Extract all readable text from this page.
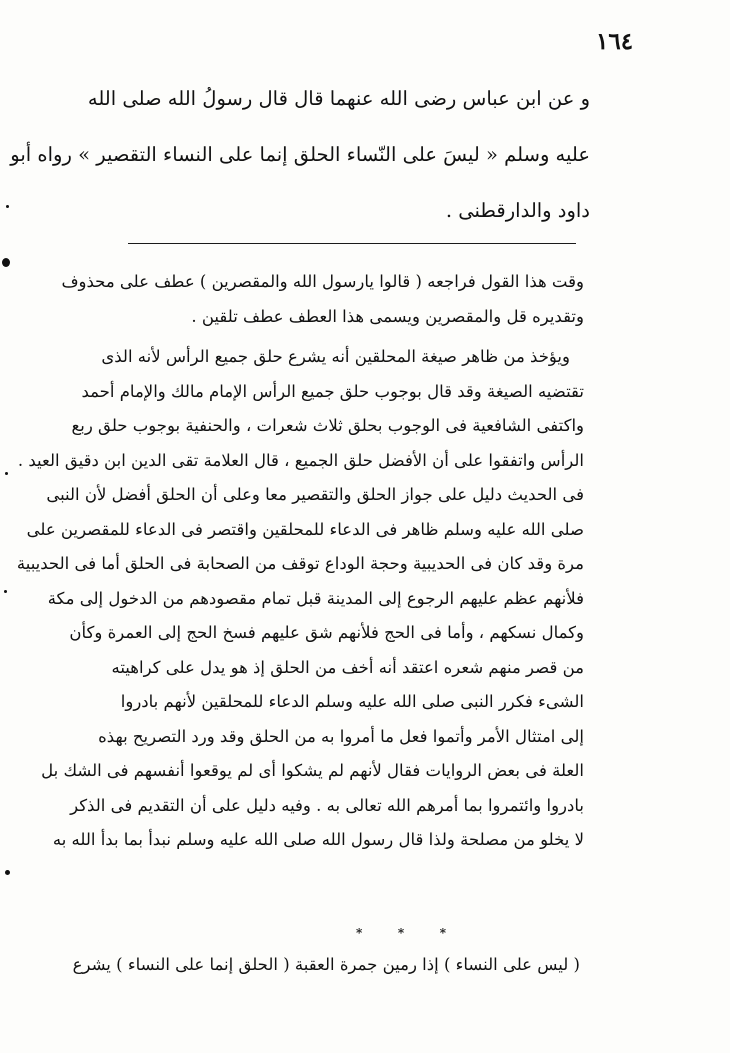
١٦٤
و عن ابن عباس رضى الله عنهما قال قال رسولُ الله صلى الله
عليه وسلم « ليسَ على النّساء الحلق إنما على النساء التقصير » رواه أبو
داود والدارقطنى .
وقت هذا القول فراجعه ( قالوا يارسول الله والمقصرين ) عطف على محذوف
وتقديره قل والمقصرين ويسمى هذا العطف عطف تلقين .
ويؤخذ من ظاهر صيغة المحلقين أنه يشرع حلق جميع الرأس لأنه الذى
تقتضيه الصيغة وقد قال بوجوب حلق جميع الرأس الإمام مالك والإمام أحمد
واكتفى الشافعية فى الوجوب بحلق ثلاث شعرات ، والحنفية بوجوب حلق ربع
الرأس واتفقوا على أن الأفضل حلق الجميع ، قال العلامة تقى الدين ابن دقيق العيد .
فى الحديث دليل على جواز الحلق والتقصير معا وعلى أن الحلق أفضل لأن النبى
صلى الله عليه وسلم ظاهر فى الدعاء للمحلقين واقتصر فى الدعاء للمقصرين على
مرة وقد كان فى الحديبية وحجة الوداع توقف من الصحابة فى الحلق أما فى الحديبية
فلأنهم عظم عليهم الرجوع إلى المدينة قبل تمام مقصودهم من الدخول إلى مكة
وكمال نسكهم ، وأما فى الحج فلأنهم شق عليهم فسخ الحج إلى العمرة وكأن
من قصر منهم شعره اعتقد أنه أخف من الحلق إذ هو يدل على كراهيته
الشىء فكرر النبى صلى الله عليه وسلم الدعاء للمحلقين لأنهم بادروا
إلى امتثال الأمر وأتموا فعل ما أمروا به من الحلق وقد ورد التصريح بهذه
العلة فى بعض الروايات فقال لأنهم لم يشكوا أى لم يوقعوا أنفسهم فى الشك بل
بادروا وائتمروا بما أمرهم الله تعالى به . وفيه دليل على أن التقديم فى الذكر
لا يخلو من مصلحة ولذا قال رسول الله صلى الله عليه وسلم نبدأ بما بدأ الله به
*	*	*
( ليس على النساء ) إذا رمين جمرة العقبة ( الحلق إنما على النساء ) يشرع
